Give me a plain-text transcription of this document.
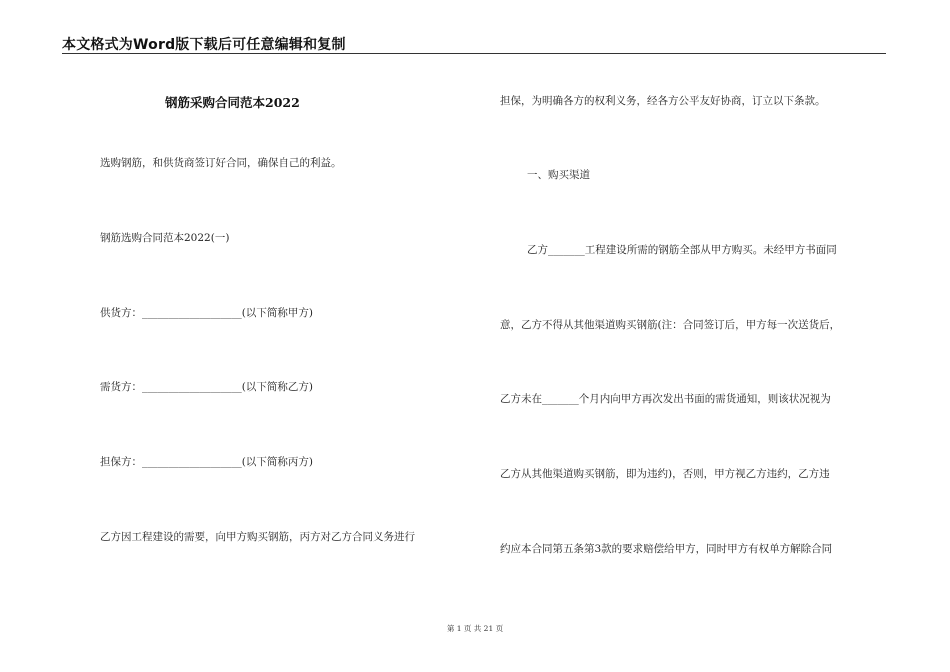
本文格式为Word版下载后可任意编辑和复制
钢筋采购合同范本2022
选购钢筋，和供货商签订好合同，确保自己的利益。
钢筋选购合同范本2022(一)
供货方：___________________(以下简称甲方)
需货方：___________________(以下简称乙方)
担保方：___________________(以下简称丙方)
乙方因工程建设的需要，向甲方购买钢筋，丙方对乙方合同义务进行
担保，为明确各方的权利义务，经各方公平友好协商，订立以下条款。
一、购买渠道
乙方_______工程建设所需的钢筋全部从甲方购买。未经甲方书面同
意，乙方不得从其他渠道购买钢筋(注：合同签订后，甲方每一次送货后，
乙方未在_______个月内向甲方再次发出书面的需货通知，则该状况视为
乙方从其他渠道购买钢筋，即为违约)，否则，甲方视乙方违约，乙方违
约应本合同第五条第3款的要求赔偿给甲方，同时甲方有权单方解除合同
第 1 页 共 21 页
